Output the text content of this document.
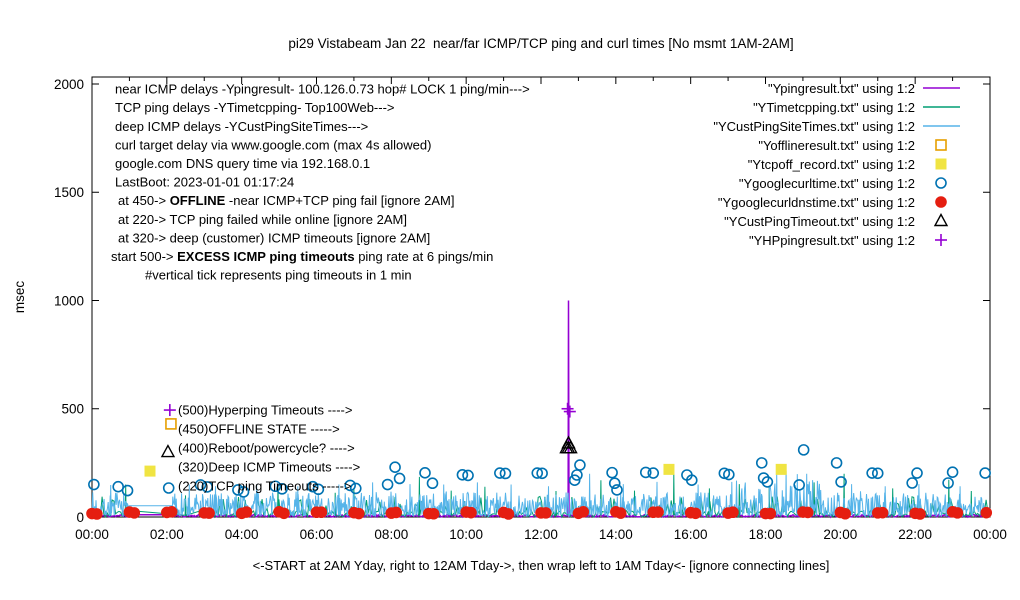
pi29 Vistabeam Jan 22  near/far ICMP/TCP ping and curl times [No msmt 1AM-2AM]
msec
<-START at 2AM Yday, right to 12AM Tday->, then wrap left to 1AM Tday<- [ignore connecting lines]
00:00	02:00	04:00	06:00	08:00	10:00	12:00	14:00	16:00	18:00	20:00	22:00	00:00
0
500
1000
1500
2000	"Ypingresult.txt" using 1:2
"YTimetcpping.txt" using 1:2
"YCustPingSiteTimes.txt" using 1:2
"Yofflineresult.txt" using 1:2
"Ytcpoff_record.txt" using 1:2
"Ygooglecurltime.txt" using 1:2
"Ygooglecurldnstime.txt" using 1:2
"YCustPingTimeout.txt" using 1:2
"YHPpingresult.txt" using 1:2
near ICMP delays -Ypingresult- 100.126.0.73 hop# LOCK 1 ping/min--->
TCP ping delays -YTimetcpping- Top100Web--->
deep ICMP delays -YCustPingSiteTimes--->
curl target delay via www.google.com (max 4s allowed)
google.com DNS query time via 192.168.0.1
LastBoot: 2023-01-01 01:17:24
at 450-> OFFLINE -near ICMP+TCP ping fail [ignore 2AM]
at 220-> TCP ping failed while online [ignore 2AM]
at 320-> deep (customer) ICMP timeouts [ignore 2AM]
start 500-> EXCESS ICMP ping timeouts ping rate at 6 pings/min
#vertical tick represents ping timeouts in 1 min
(500)Hyperping Timeouts ---->
(450)OFFLINE STATE ----->
(400)Reboot/powercycle? ---->
(320)Deep ICMP Timeouts ---->
(220)TCP ping Timeouts ----->
